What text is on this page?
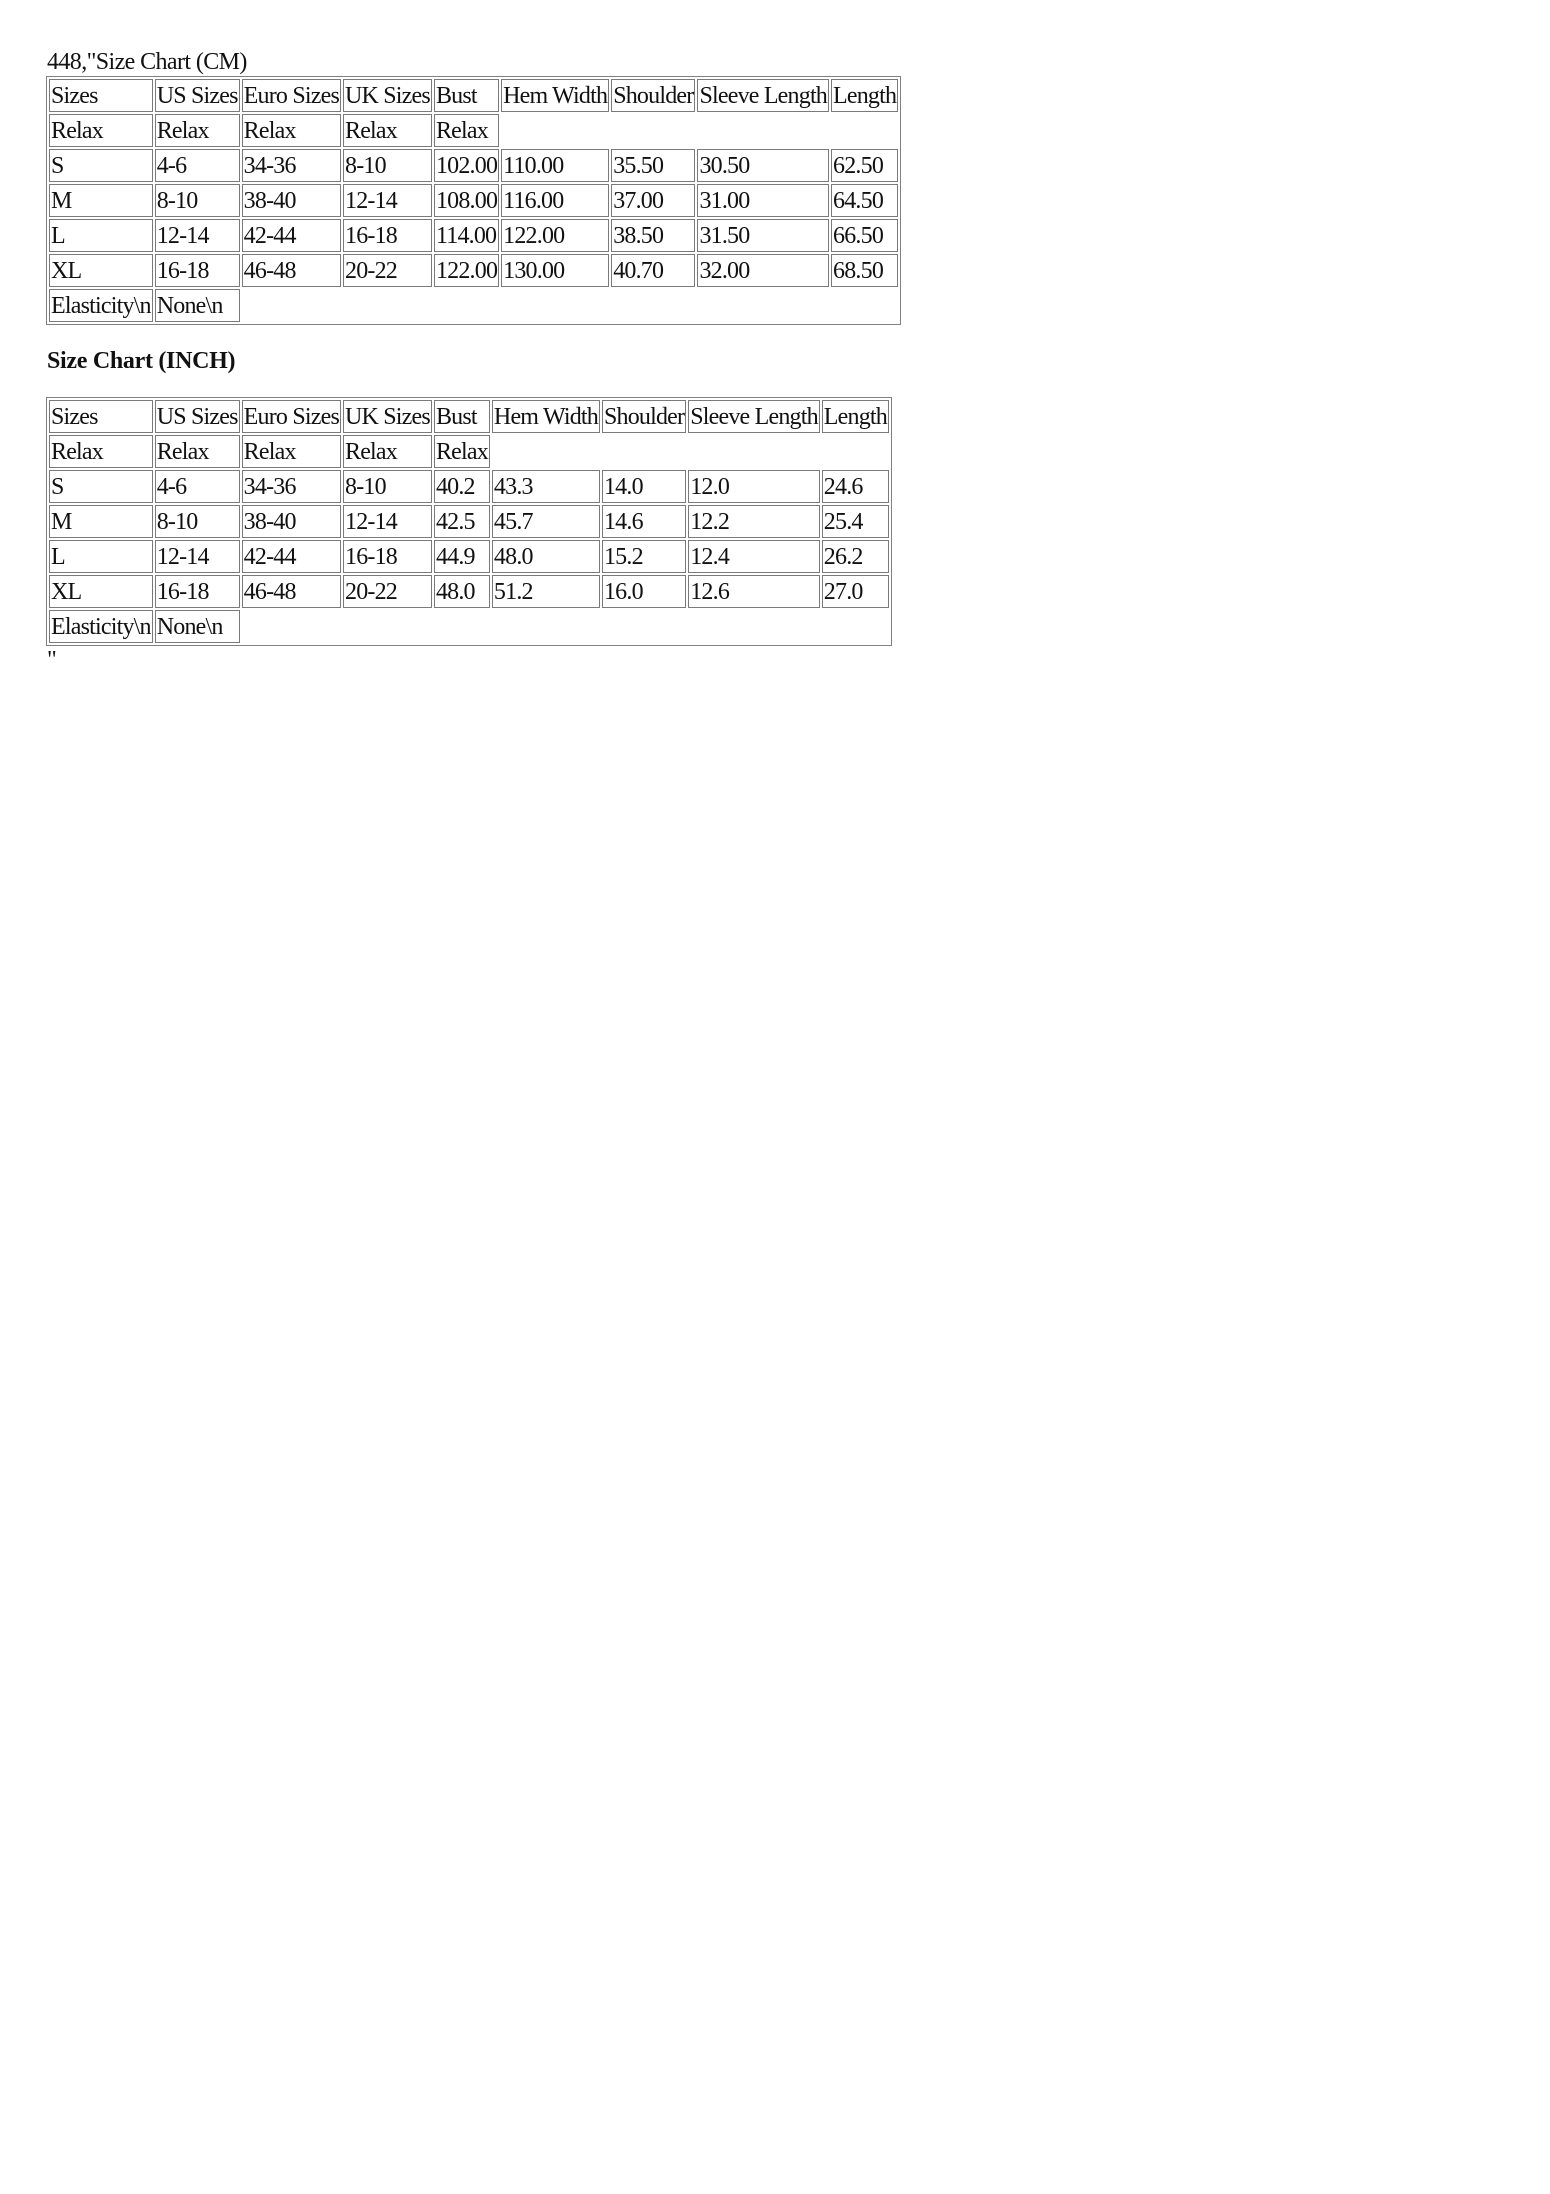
448,"Size Chart (CM)
Sizes	US Sizes	Euro Sizes	UK Sizes	Bust	Hem Width	Shoulder	Sleeve Length	Length
Relax	Relax	Relax	Relax	Relax				
S	4-6	34-36	8-10	102.00	110.00	35.50	30.50	62.50
M	8-10	38-40	12-14	108.00	116.00	37.00	31.00	64.50
L	12-14	42-44	16-18	114.00	122.00	38.50	31.50	66.50
XL	16-18	46-48	20-22	122.00	130.00	40.70	32.00	68.50
Elasticity\n	None\n							
Size Chart (INCH)
Sizes	US Sizes	Euro Sizes	UK Sizes	Bust	Hem Width	Shoulder	Sleeve Length	Length
Relax	Relax	Relax	Relax	Relax				
S	4-6	34-36	8-10	40.2	43.3	14.0	12.0	24.6
M	8-10	38-40	12-14	42.5	45.7	14.6	12.2	25.4
L	12-14	42-44	16-18	44.9	48.0	15.2	12.4	26.2
XL	16-18	46-48	20-22	48.0	51.2	16.0	12.6	27.0
Elasticity\n	None\n							
"
